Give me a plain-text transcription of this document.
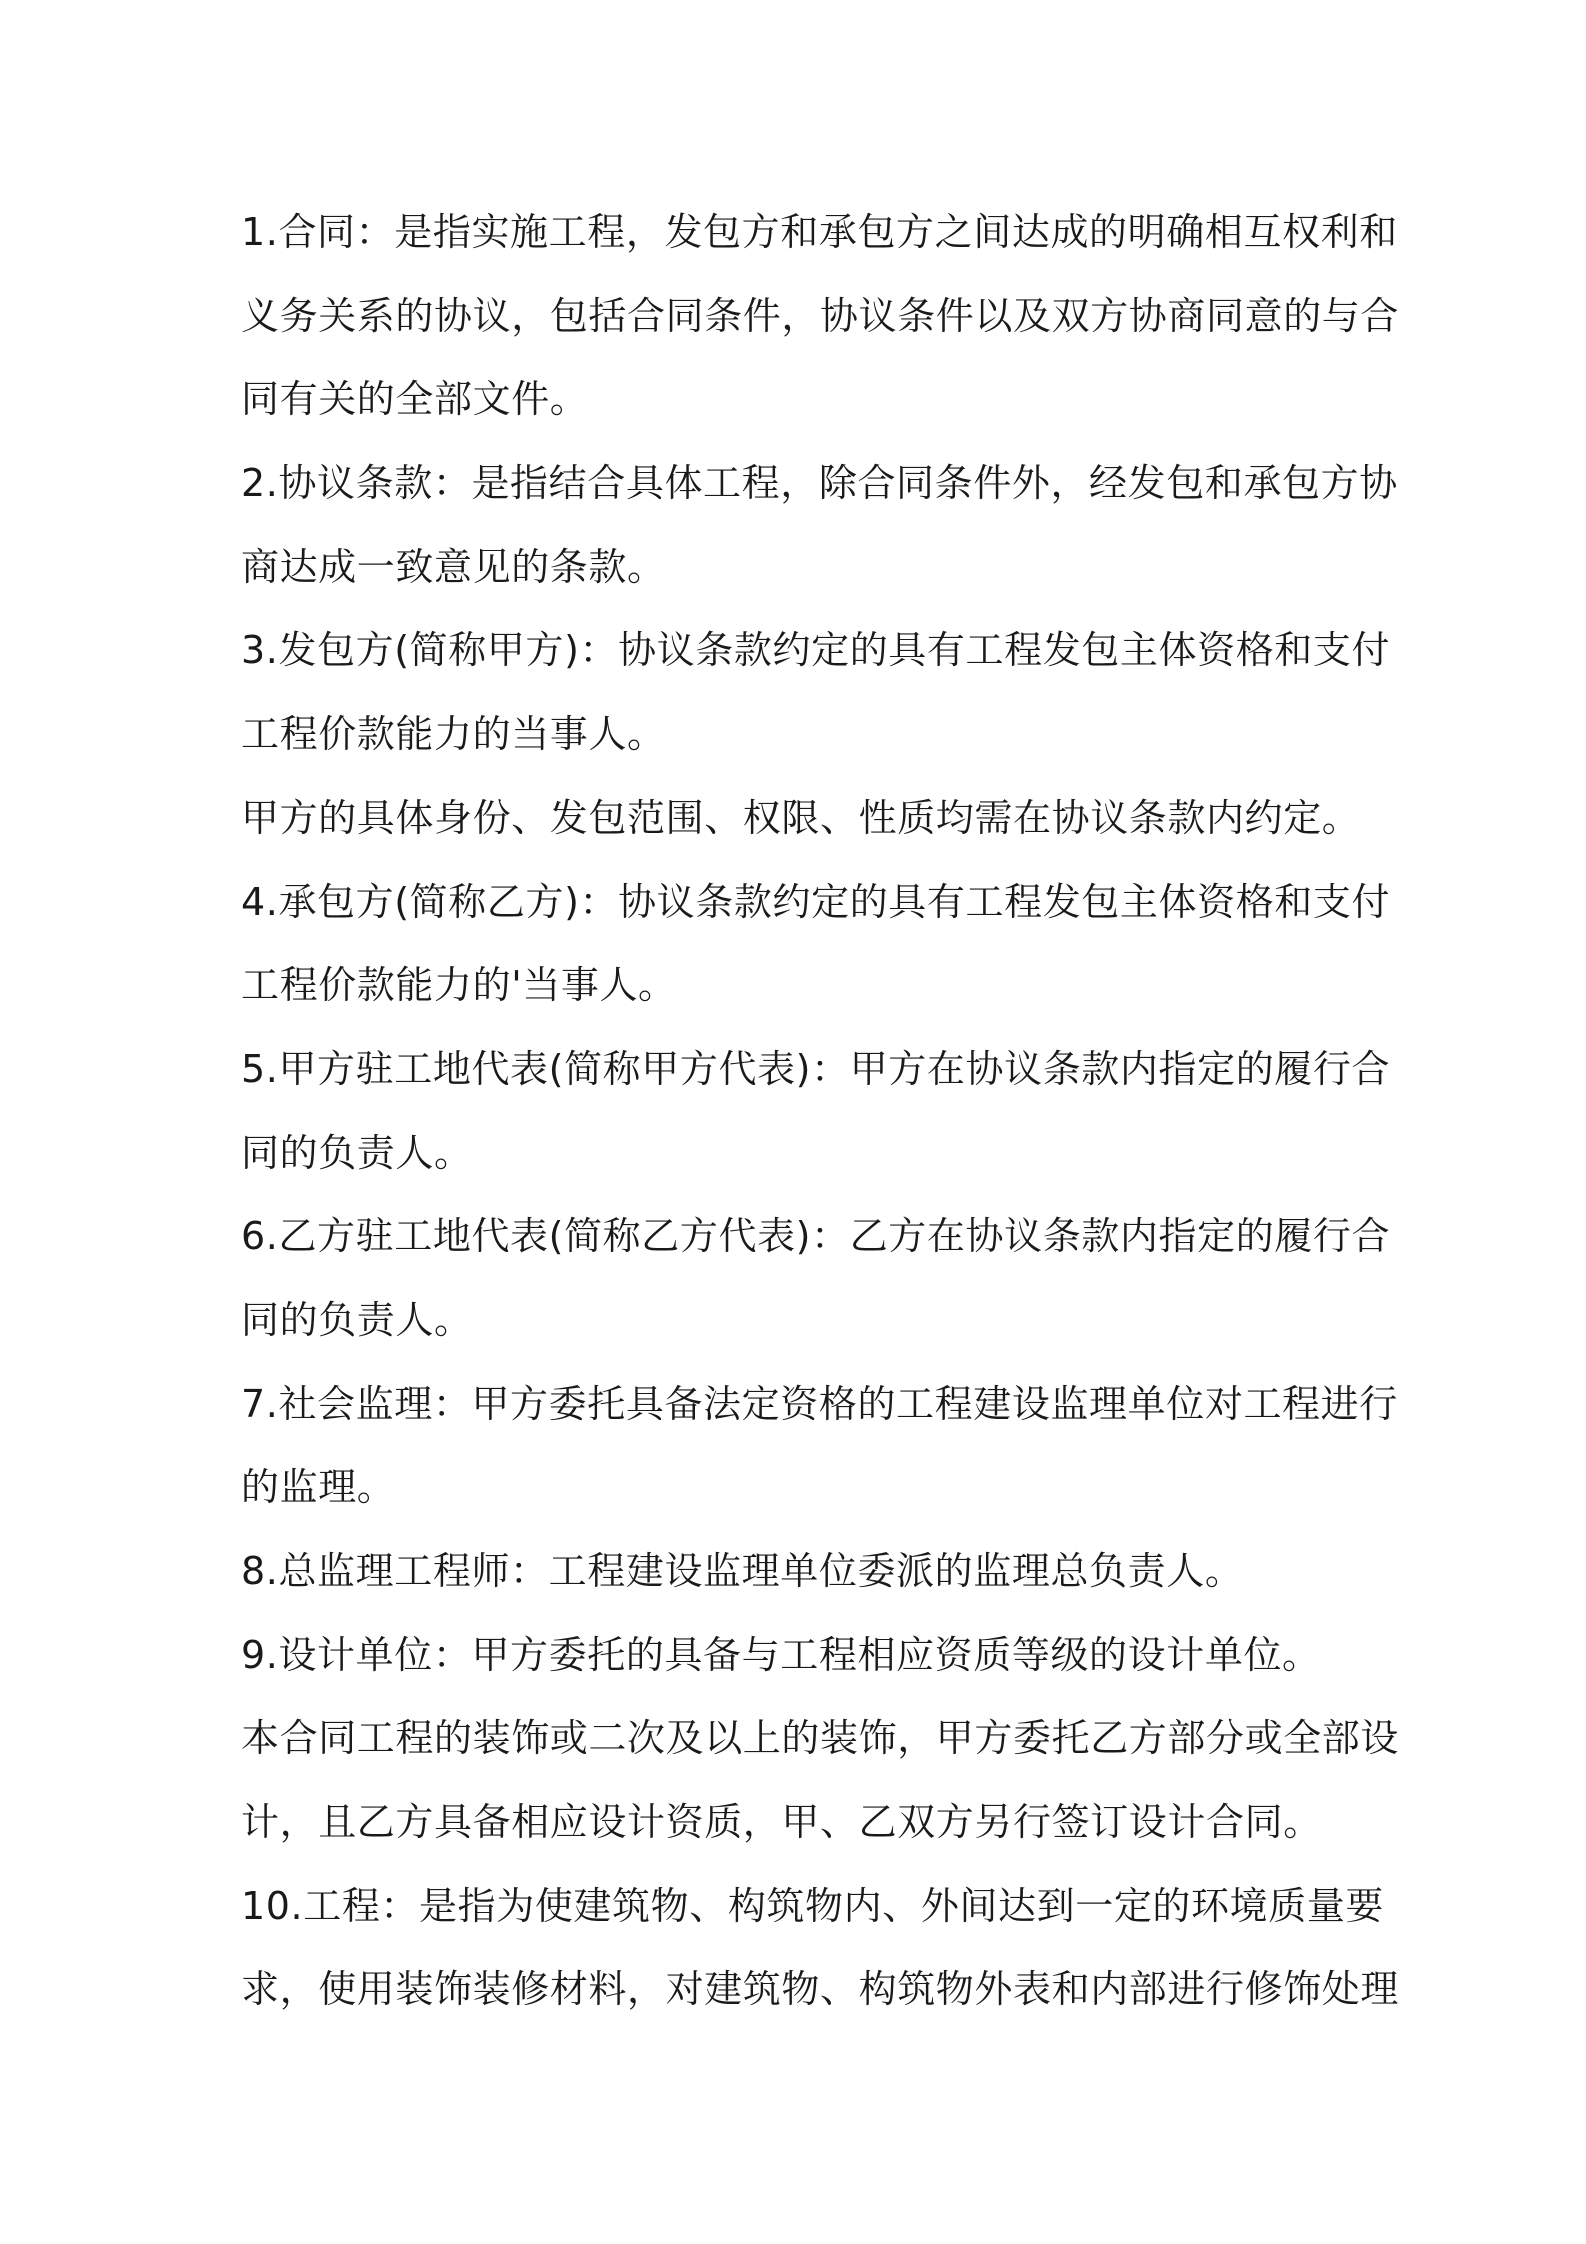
1.合同：是指实施工程，发包方和承包方之间达成的明确相互权利和
义务关系的协议，包括合同条件，协议条件以及双方协商同意的与合
同有关的全部文件。
2.协议条款：是指结合具体工程，除合同条件外，经发包和承包方协
商达成一致意见的条款。
3.发包方(简称甲方)：协议条款约定的具有工程发包主体资格和支付
工程价款能力的当事人。
甲方的具体身份、发包范围、权限、性质均需在协议条款内约定。
4.承包方(简称乙方)：协议条款约定的具有工程发包主体资格和支付
工程价款能力的'当事人。
5.甲方驻工地代表(简称甲方代表)：甲方在协议条款内指定的履行合
同的负责人。
6.乙方驻工地代表(简称乙方代表)：乙方在协议条款内指定的履行合
同的负责人。
7.社会监理：甲方委托具备法定资格的工程建设监理单位对工程进行
的监理。
8.总监理工程师：工程建设监理单位委派的监理总负责人。
9.设计单位：甲方委托的具备与工程相应资质等级的设计单位。
本合同工程的装饰或二次及以上的装饰，甲方委托乙方部分或全部设
计，且乙方具备相应设计资质，甲、乙双方另行签订设计合同。
10.工程：是指为使建筑物、构筑物内、外间达到一定的环境质量要
求，使用装饰装修材料，对建筑物、构筑物外表和内部进行修饰处理
